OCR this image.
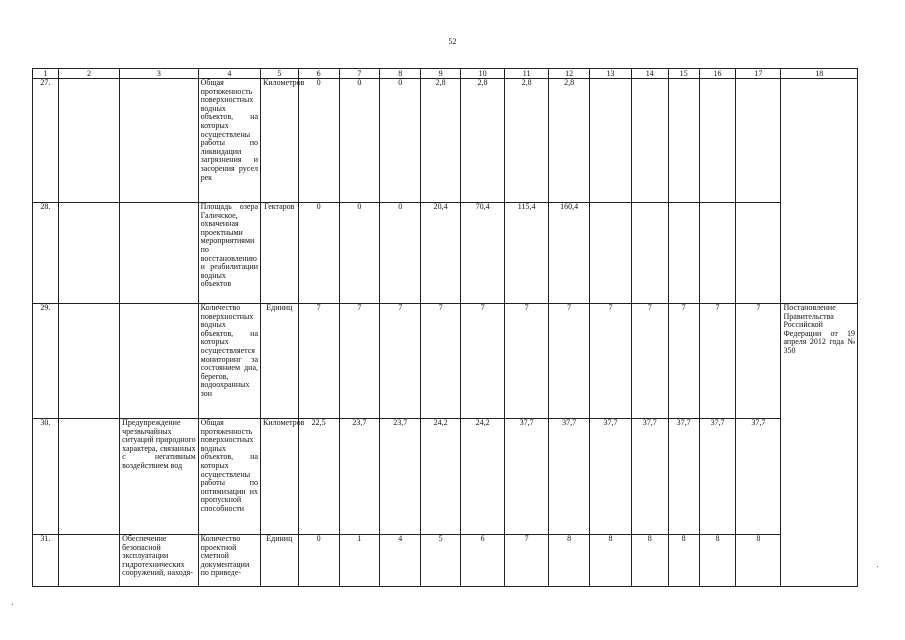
52
1	2	3	4	5	6	7	8	9	10	11	12	13	14	15	16	17	18
27.			Общая протяженность поверхностных водных объектов, на которых осуществлены работы по ликвидации загрязнения и засорения русел рек	Километров	0	0	0	2,8	2,8	2,8	2,8						
28.			Площадь озера Галичское, охваченная проектными мероприятиями по восстановлению и реабилитации водных объектов	Гектаров	0	0	0	20,4	70,4	115,4	160,4						
29.			Количество поверхностных водных объектов, на которых осуществляется мониторинг за состоянием дна, берегов, водоохранных зон	Единиц	7	7	7	7	7	7	7	7	7	7	7	7	Постановление Правительства Российской Федерации от 19 апреля 2012 года № 350
30.		Предупреждение чрезвычайных ситуаций природного характера, связанных с негативным воздействием вод	Общая протяженность поверхностных водных объектов, на которых осуществлены работы по оптимизации их пропускной способности	Километров	22,5	23,7	23,7	24,2	24,2	37,7	37,7	37,7	37,7	37,7	37,7	37,7	
31.		Обеспечение безопасной эксплуатации гидротехнических сооружений, находя-	Количество проектной сметной документации по приведе-	Единиц	0	1	4	5	6	7	8	8	8	8	8	8	
